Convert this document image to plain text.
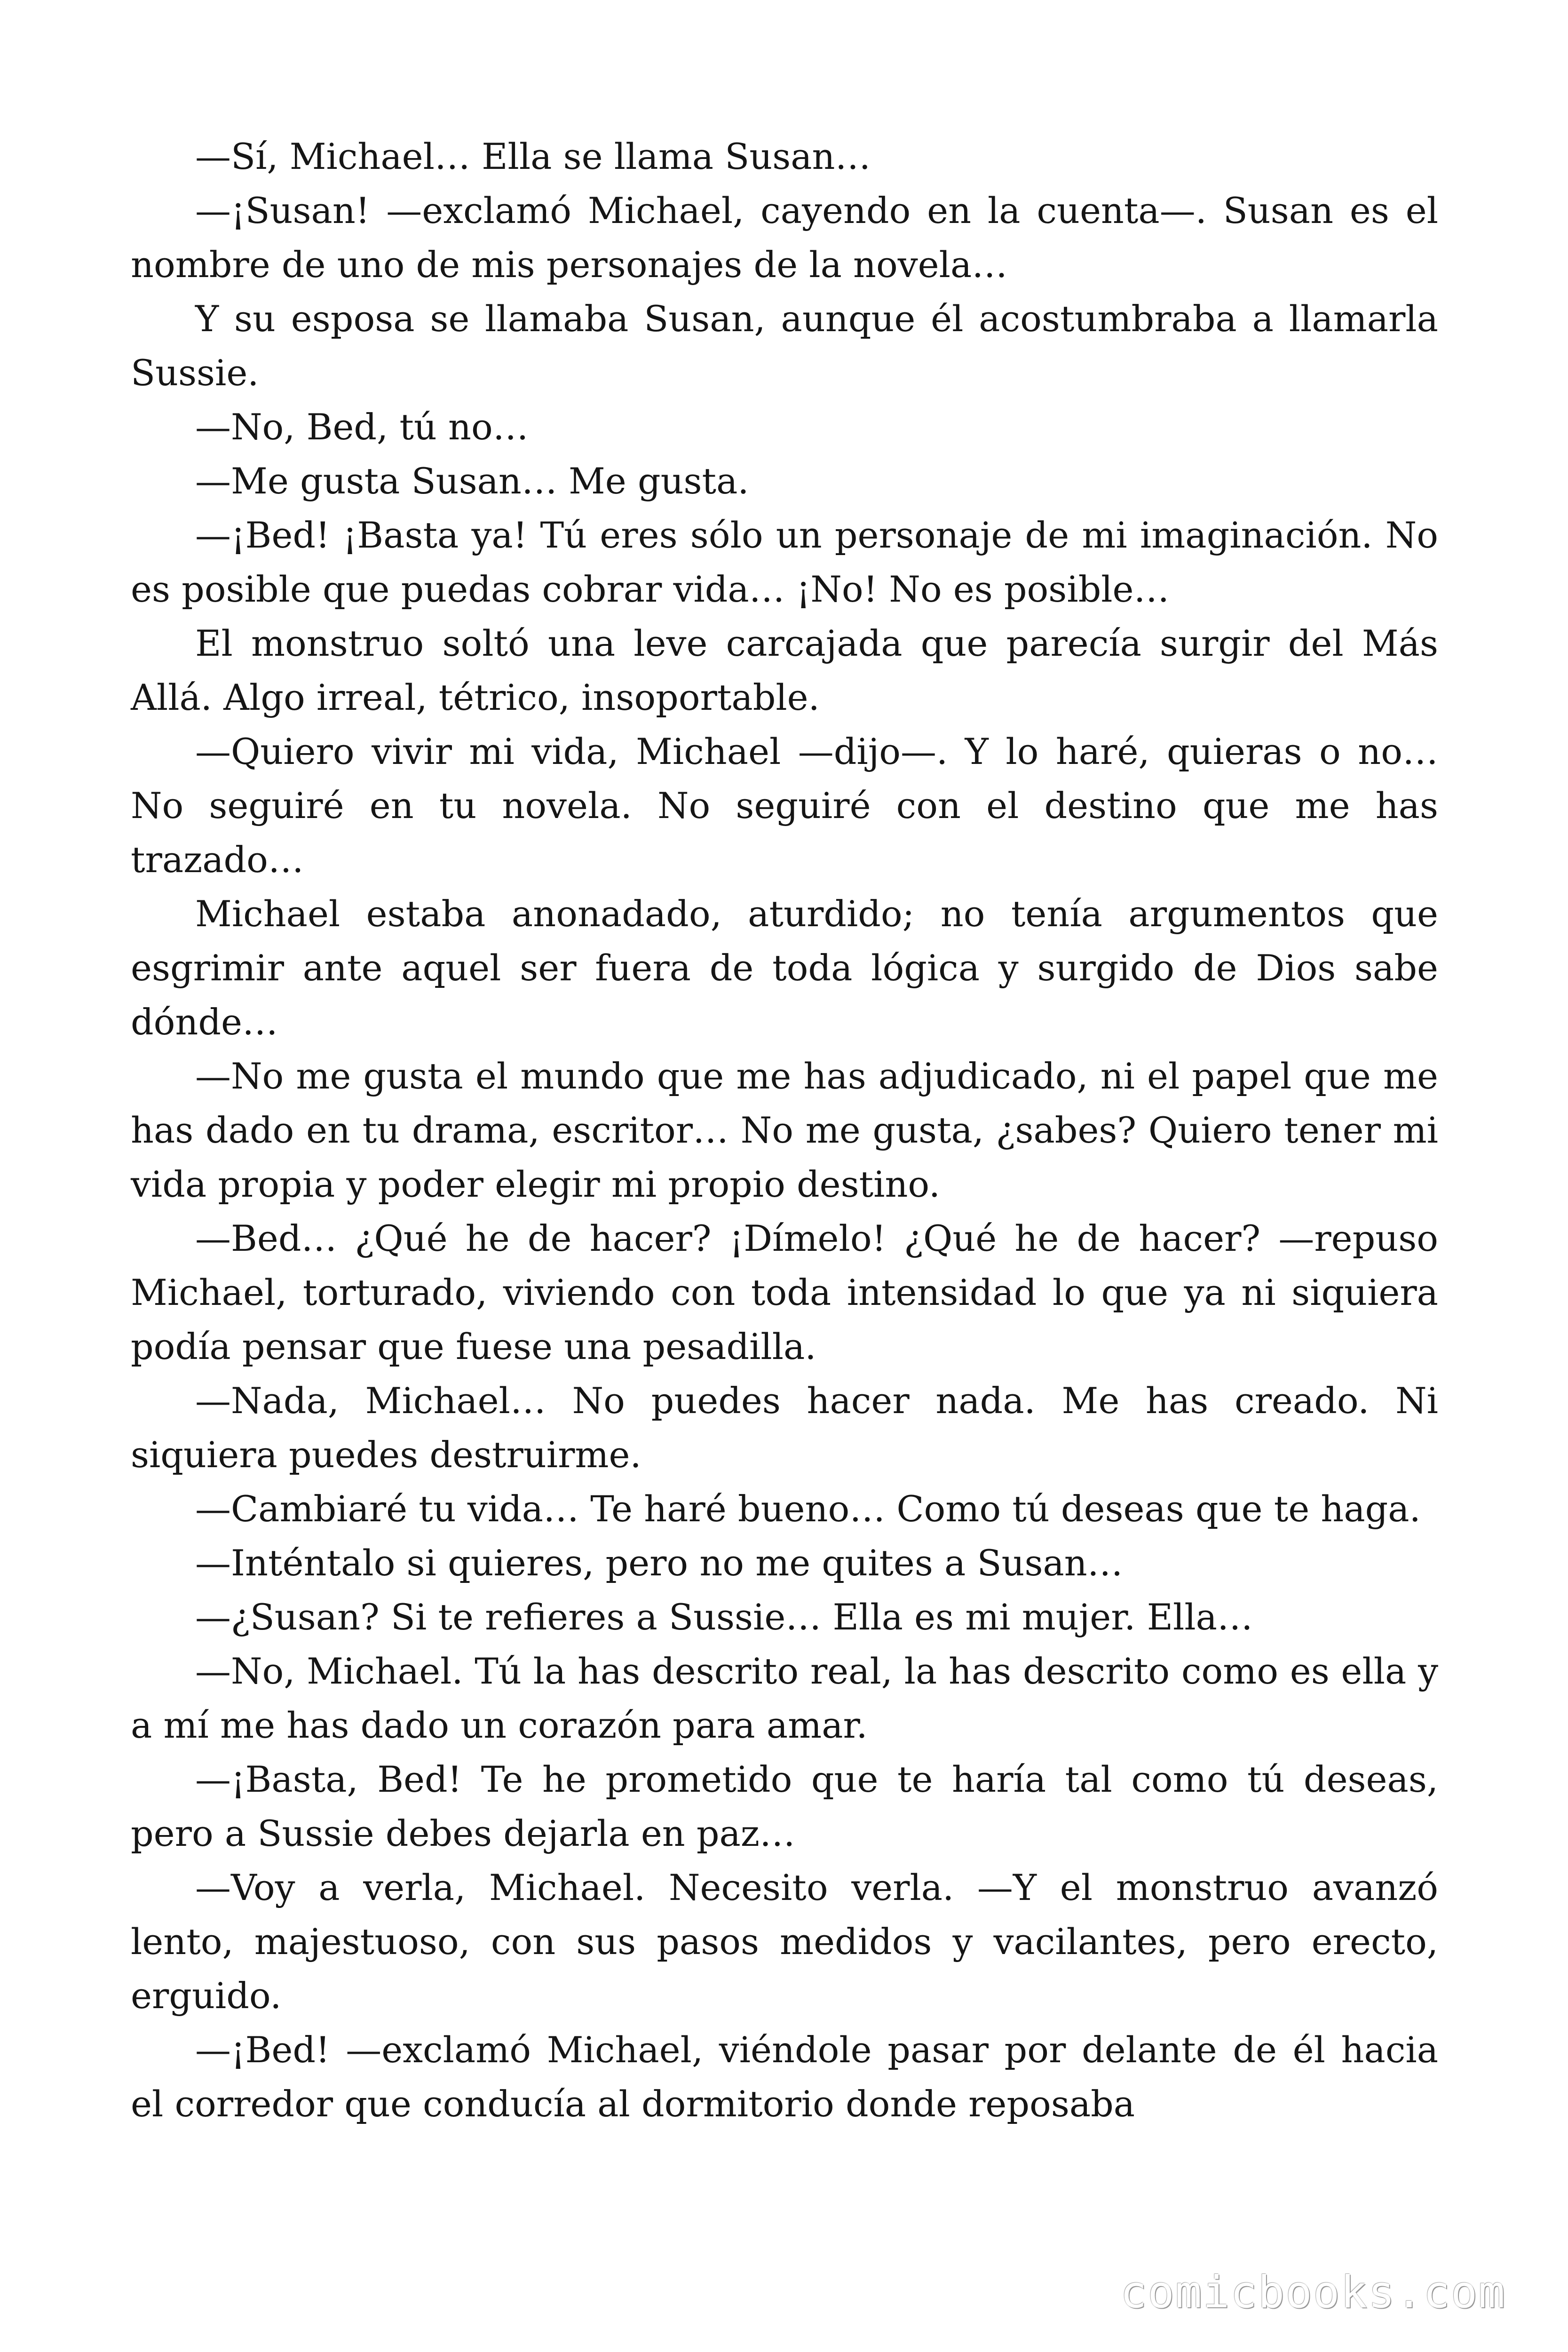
—Sí, Michael… Ella se llama Susan…

—¡Susan! —exclamó Michael, cayendo en la cuenta—. Susan es el nombre de uno de mis personajes de la novela…

Y su esposa se llamaba Susan, aunque él acostumbraba a llamarla Sussie.

—No, Bed, tú no…

—Me gusta Susan… Me gusta.

—¡Bed! ¡Basta ya! Tú eres sólo un personaje de mi imaginación. No es posible que puedas cobrar vida… ¡No! No es posible…

El monstruo soltó una leve carcajada que parecía surgir del Más Allá. Algo irreal, tétrico, insoportable.

—Quiero vivir mi vida, Michael —dijo—. Y lo haré, quieras o no… No seguiré en tu novela. No seguiré con el destino que me has trazado…

Michael estaba anonadado, aturdido; no tenía argumentos que esgrimir ante aquel ser fuera de toda lógica y surgido de Dios sabe dónde…

—No me gusta el mundo que me has adjudicado, ni el papel que me has dado en tu drama, escritor… No me gusta, ¿sabes? Quiero tener mi vida propia y poder elegir mi propio destino.

—Bed… ¿Qué he de hacer? ¡Dímelo! ¿Qué he de hacer? —repuso Michael, torturado, viviendo con toda intensidad lo que ya ni siquiera podía pensar que fuese una pesadilla.

—Nada, Michael… No puedes hacer nada. Me has creado. Ni siquiera puedes destruirme.

—Cambiaré tu vida… Te haré bueno… Como tú deseas que te haga.

—Inténtalo si quieres, pero no me quites a Susan…

—¿Susan? Si te refieres a Sussie… Ella es mi mujer. Ella…

—No, Michael. Tú la has descrito real, la has descrito como es ella y a mí me has dado un corazón para amar.

—¡Basta, Bed! Te he prometido que te haría tal como tú deseas, pero a Sussie debes dejarla en paz…

—Voy a verla, Michael. Necesito verla. —Y el monstruo avanzó lento, majestuoso, con sus pasos medidos y vacilantes, pero erecto, erguido.

—¡Bed! —exclamó Michael, viéndole pasar por delante de él hacia el corredor que conducía al dormitorio donde reposaba

comicbooks.com
